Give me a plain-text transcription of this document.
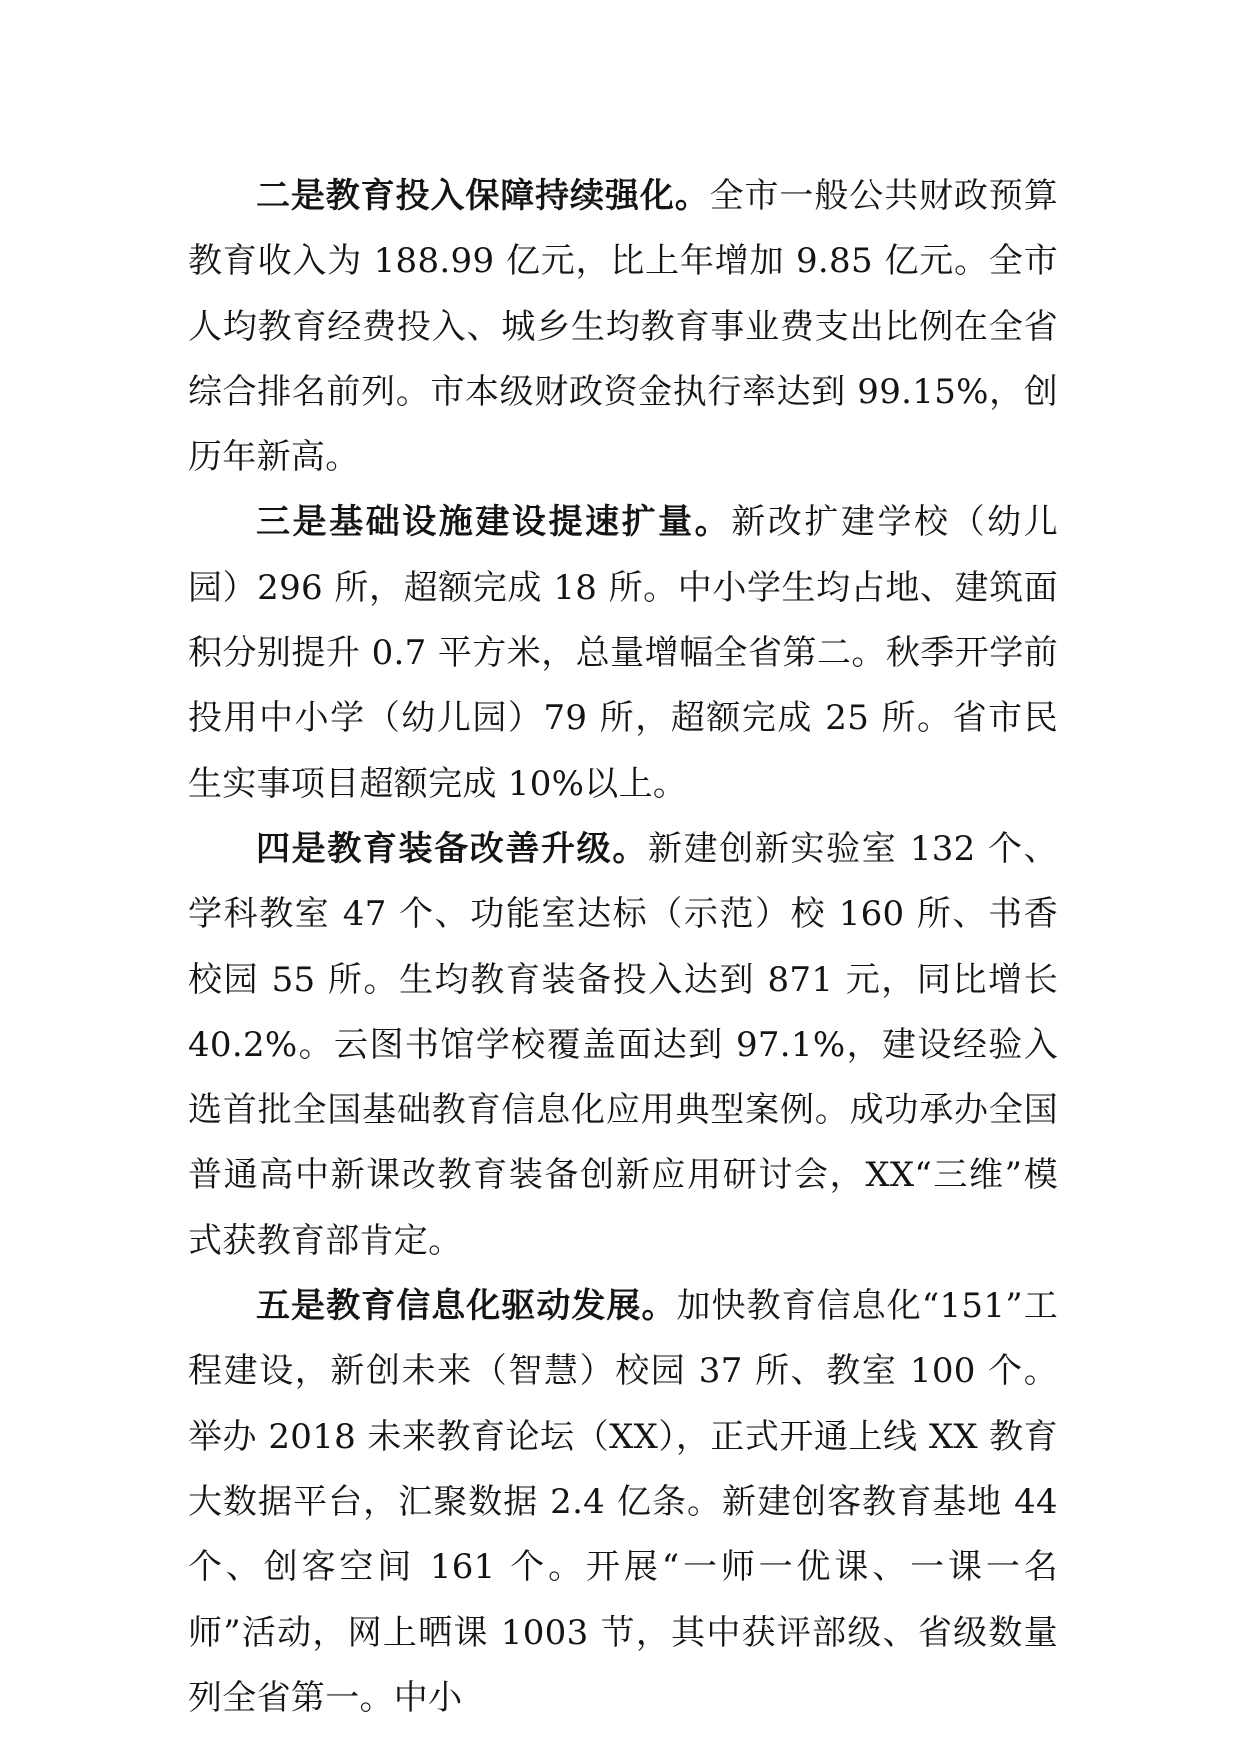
二是教育投入保障持续强化。全市一般公共财政预算教育收入为 188.99 亿元，比上年增加 9.85 亿元。全市人均教育经费投入、城乡生均教育事业费支出比例在全省综合排名前列。市本级财政资金执行率达到 99.15%，创历年新高。

三是基础设施建设提速扩量。新改扩建学校（幼儿园）296 所，超额完成 18 所。中小学生均占地、建筑面积分别提升 0.7 平方米，总量增幅全省第二。秋季开学前投用中小学（幼儿园）79 所，超额完成 25 所。省市民生实事项目超额完成 10%以上。

四是教育装备改善升级。新建创新实验室 132 个、学科教室 47 个、功能室达标（示范）校 160 所、书香校园 55 所。生均教育装备投入达到 871 元，同比增长 40.2%。云图书馆学校覆盖面达到 97.1%，建设经验入选首批全国基础教育信息化应用典型案例。成功承办全国普通高中新课改教育装备创新应用研讨会，XX“三维”模式获教育部肯定。

五是教育信息化驱动发展。加快教育信息化“151”工程建设，新创未来（智慧）校园 37 所、教室 100 个。举办 2018 未来教育论坛（XX），正式开通上线 XX 教育大数据平台，汇聚数据 2.4 亿条。新建创客教育基地 44 个、创客空间 161 个。开展“一师一优课、一课一名师”活动，网上晒课 1003 节，其中获评部级、省级数量列全省第一。中小
